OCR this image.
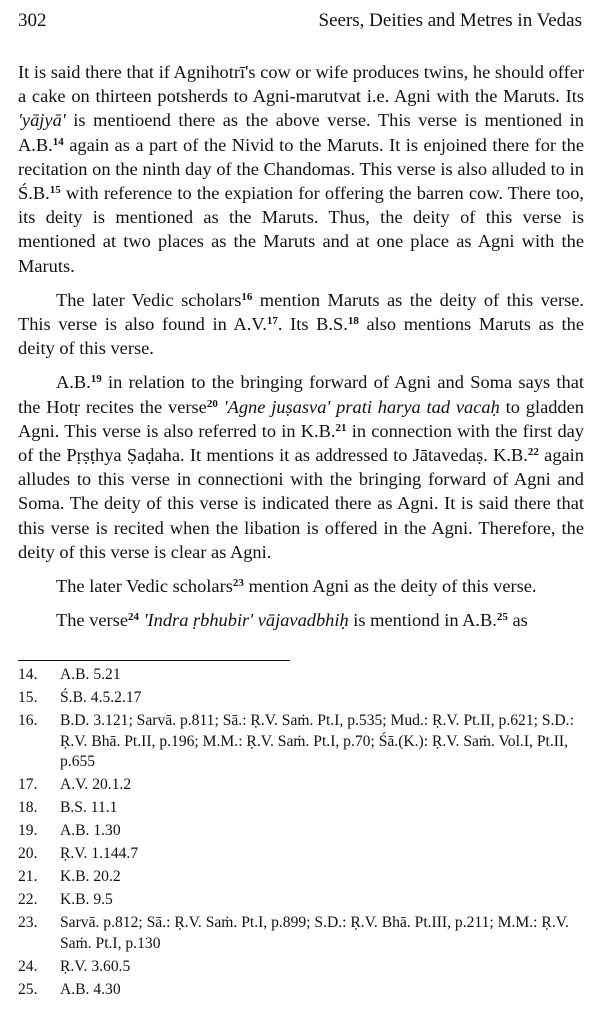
302	Seers, Deities and Metres in Vedas

It is said there that if Agnihotrī's cow or wife produces twins, he should offer a cake on thirteen potsherds to Agni-marutvat i.e. Agni with the Maruts. Its 'yājyā' is mentioend there as the above verse. This verse is mentioned in A.B.$^{14}$ again as a part of the Nivid to the Maruts. It is enjoined there for the recitation on the ninth day of the Chandomas. This verse is also alluded to in Ś.B.$^{15}$ with reference to the expiation for offering the barren cow. There too, its deity is mentioned as the Maruts. Thus, the deity of this verse is mentioned at two places as the Maruts and at one place as Agni with the Maruts.

The later Vedic scholars$^{16}$ mention Maruts as the deity of this verse. This verse is also found in A.V.$^{17}$. Its B.S.$^{18}$ also mentions Maruts as the deity of this verse.

A.B.$^{19}$ in relation to the bringing forward of Agni and Soma says that the Hotṛ recites the verse$^{20}$ 'Agne juṣasva' prati harya tad vacaḥ to gladden Agni. This verse is also referred to in K.B.$^{21}$ in connection with the first day of the Pṛṣṭhya Ṣaḍaha. It mentions it as addressed to Jātavedaṣ. K.B.$^{22}$ again alludes to this verse in connectioni with the bringing forward of Agni and Soma. The deity of this verse is indicated there as Agni. It is said there that this verse is recited when the libation is offered in the Agni. Therefore, the deity of this verse is clear as Agni.

The later Vedic scholars$^{23}$ mention Agni as the deity of this verse.

The verse$^{24}$ 'Indra ṛbhubir' vājavadbhiḥ is mentiond in A.B.$^{25}$ as

14.	A.B. 5.21
15.	Ś.B. 4.5.2.17
16.	B.D. 3.121; Sarvā. p.811; Sā.: Ṛ.V. Saṁ. Pt.I, p.535; Mud.: Ṛ.V. Pt.II, p.621; S.D.: Ṛ.V. Bhā. Pt.II, p.196; M.M.: Ṛ.V. Saṁ. Pt.I, p.70; Śā.(K.): Ṛ.V. Saṁ. Vol.I, Pt.II, p.655
17.	A.V. 20.1.2
18.	B.S. 11.1
19.	A.B. 1.30
20.	Ṛ.V. 1.144.7
21.	K.B. 20.2
22.	K.B. 9.5
23.	Sarvā. p.812; Sā.: Ṛ.V. Saṁ. Pt.I, p.899; S.D.: Ṛ.V. Bhā. Pt.III, p.211; M.M.: Ṛ.V. Saṁ. Pt.I, p.130
24.	Ṛ.V. 3.60.5
25.	A.B. 4.30
